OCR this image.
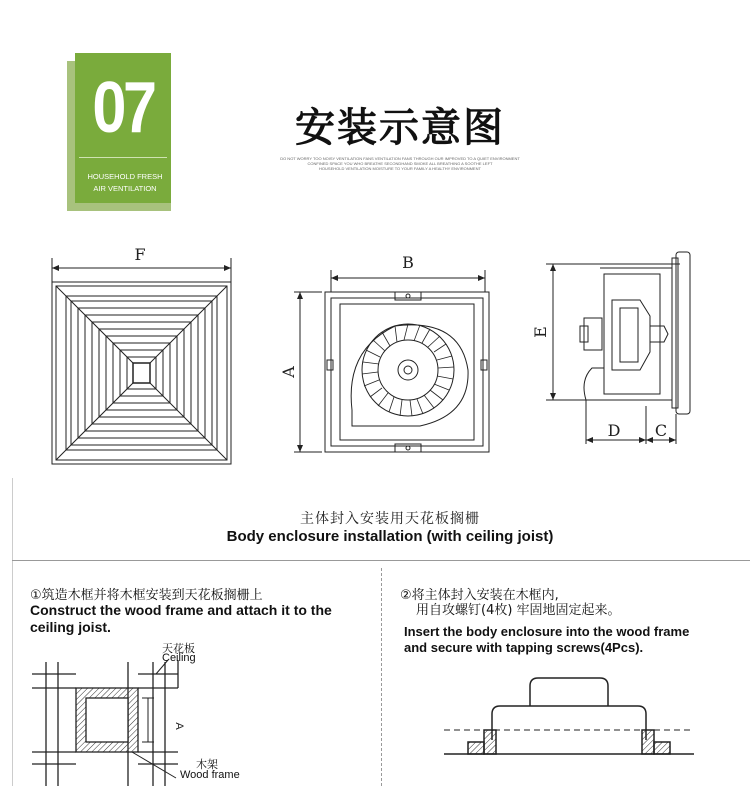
07
HOUSEHOLD FRESH
AIR VENTILATION
安装示意图
DO NOT WORRY TOO NOISY VENTILATION FANS VENTILATION FANS THROUGH OUR IMPROVED TO A QUIET ENVIRONMENT
CONFINED SPACE YOU WHO BREATHE SECONDHAND SMOKE ALL BREATHING A SOOTHE LEFT
HOUSEHOLD VENTILATION MOISTURE TO YOUR FAMILY A HEALTHY ENVIRONMENT
F	B
A
E
D C
主体封入安装用天花板搁栅
Body enclosure installation (with ceiling joist)
①筑造木框并将木框安装到天花板搁栅上
Construct the wood frame and attach it to the
ceiling joist.
A
天花板
Ceiling
木架
Wood frame
②将主体封入安装在木框内,
用自攻螺钉(4枚) 牢固地固定起来。
Insert the body enclosure into the wood frame
and secure with tapping screws(4Pcs).
